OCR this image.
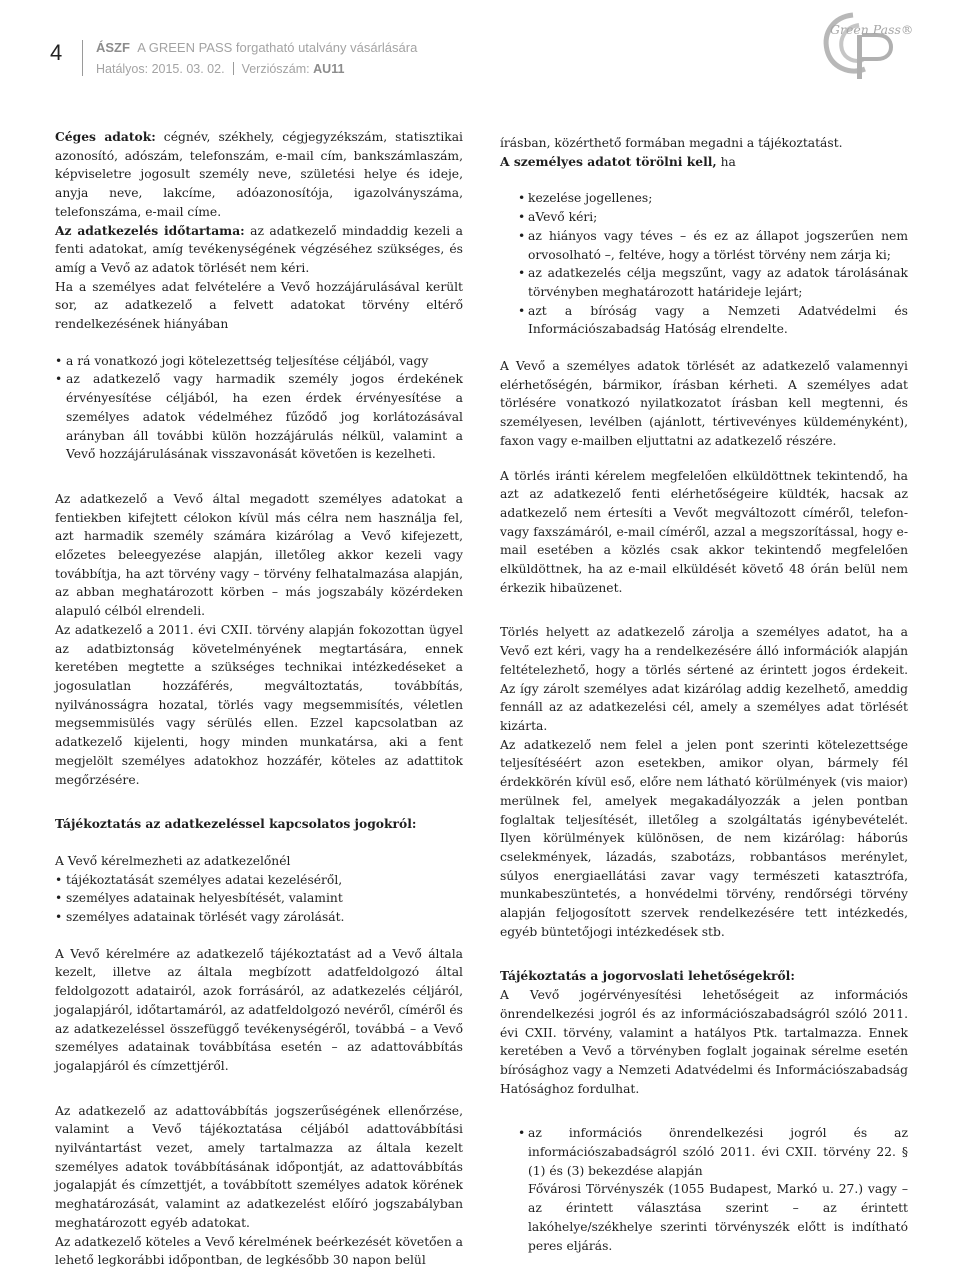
4	ÁSZF A GREEN PASS forgatható utalvány vásárlására
Hatályos: 2015. 03. 02. Verziószám: AU11
Green Pass®

Céges adatok: cégnév, székhely, cégjegyzékszám, statisztikai azonosító, adószám, telefonszám, e-mail cím, bankszámlaszám, képviseletre jogosult személy neve, születési helye és ideje, anyja neve, lakcíme, adóazonosítója, igazolványszáma, telefonszáma, e-mail címe.

Az adatkezelés időtartama: az adatkezelő mindaddig kezeli a fenti adatokat, amíg tevékenységének végzéséhez szükséges, és amíg a Vevő az adatok törlését nem kéri.

Ha a személyes adat felvételére a Vevő hozzájárulásával került sor, az adatkezelő a felvett adatokat törvény eltérő rendelkezésének hiányában

• a rá vonatkozó jogi kötelezettség teljesítése céljából, vagy
• az adatkezelő vagy harmadik személy jogos érdekének érvényesítése céljából, ha ezen érdek érvényesítése a személyes adatok védelméhez fűződő jog korlátozásával arányban áll további külön hozzájárulás nélkül, valamint a Vevő hozzájárulásának visszavonását követően is kezelheti.

Az adatkezelő a Vevő által megadott személyes adatokat a fentiekben kifejtett célokon kívül más célra nem használja fel, azt harmadik személy számára kizárólag a Vevő kifejezett, előzetes beleegyezése alapján, illetőleg akkor kezeli vagy továbbítja, ha azt törvény vagy – törvény felhatalmazása alapján, az abban meghatározott körben – más jogszabály közérdeken alapuló célból elrendeli.

Az adatkezelő a 2011. évi CXII. törvény alapján fokozottan ügyel az adatbiztonság követelményének megtartására, ennek keretében megtette a szükséges technikai intézkedéseket a jogosulatlan hozzáférés, megváltoztatás, továbbítás, nyilvánosságra hozatal, törlés vagy megsemmisítés, véletlen megsemmisülés vagy sérülés ellen. Ezzel kapcsolatban az adatkezelő kijelenti, hogy minden munkatársa, aki a fent megjelölt személyes adatokhoz hozzáfér, köteles az adattitok megőrzésére.

Tájékoztatás az adatkezeléssel kapcsolatos jogokról:

A Vevő kérelmezheti az adatkezelőnél

• tájékoztatását személyes adatai kezeléséről,
• személyes adatainak helyesbítését, valamint
• személyes adatainak törlését vagy zárolását.

A Vevő kérelmére az adatkezelő tájékoztatást ad a Vevő általa kezelt, illetve az általa megbízott adatfeldolgozó által feldolgozott adatairól, azok forrásáról, az adatkezelés céljáról, jogalapjáról, időtartamáról, az adatfeldolgozó nevéről, címéről és az adatkezeléssel összefüggő tevékenységéről, továbbá – a Vevő személyes adatainak továbbítása esetén – az adattovábbítás jogalapjáról és címzettjéről.

Az adatkezelő az adattovábbítás jogszerűségének ellenőrzése, valamint a Vevő tájékoztatása céljából adattovábbítási nyilvántartást vezet, amely tartalmazza az általa kezelt személyes adatok továbbításának időpontját, az adattovábbítás jogalapját és címzettjét, a továbbított személyes adatok körének meghatározását, valamint az adatkezelést előíró jogszabályban meghatározott egyéb adatokat.

Az adatkezelő köteles a Vevő kérelmének beérkezését követően a lehető legkorábbi időpontban, de legkésőbb 30 napon belül

írásban, közérthető formában megadni a tájékoztatást.

A személyes adatot törölni kell, ha

• kezelése jogellenes;
• aVevő kéri;
• az hiányos vagy téves – és ez az állapot jogszerűen nem orvosolható –, feltéve, hogy a törlést törvény nem zárja ki;
• az adatkezelés célja megszűnt, vagy az adatok tárolásának törvényben meghatározott határideje lejárt;
• azt a bíróság vagy a Nemzeti Adatvédelmi és Információszabadság Hatóság elrendelte.

A Vevő a személyes adatok törlését az adatkezelő valamennyi elérhetőségén, bármikor, írásban kérheti. A személyes adat törlésére vonatkozó nyilatkozatot írásban kell megtenni, és személyesen, levélben (ajánlott, tértivevényes küldeményként), faxon vagy e-mailben eljuttatni az adatkezelő részére.

A törlés iránti kérelem megfelelően elküldöttnek tekintendő, ha azt az adatkezelő fenti elérhetőségeire küldték, hacsak az adatkezelő nem értesíti a Vevőt megváltozott címéről, telefon- vagy faxszámáról, e-mail címéről, azzal a megszorítással, hogy e-mail esetében a közlés csak akkor tekintendő megfelelően elküldöttnek, ha az e-mail elküldését követő 48 órán belül nem érkezik hibaüzenet.

Törlés helyett az adatkezelő zárolja a személyes adatot, ha a Vevő ezt kéri, vagy ha a rendelkezésére álló információk alapján feltételezhető, hogy a törlés sértené az érintett jogos érdekeit. Az így zárolt személyes adat kizárólag addig kezelhető, ameddig fennáll az az adatkezelési cél, amely a személyes adat törlését kizárta.

Az adatkezelő nem felel a jelen pont szerinti kötelezettsége teljesítéséért azon esetekben, amikor olyan, bármely fél érdekkörén kívül eső, előre nem látható körülmények (vis maior) merülnek fel, amelyek megakadályozzák a jelen pontban foglaltak teljesítését, illetőleg a szolgáltatás igénybevételét. Ilyen körülmények különösen, de nem kizárólag: háborús cselekmények, lázadás, szabotázs, robbantásos merénylet, súlyos energiaellátási zavar vagy természeti katasztrófa, munkabeszüntetés, a honvédelmi törvény, rendőrségi törvény alapján feljogosított szervek rendelkezésére tett intézkedés, egyéb büntetőjogi intézkedések stb.

Tájékoztatás a jogorvoslati lehetőségekről:

A Vevő jogérvényesítési lehetőségeit az információs önrendelkezési jogról és az információszabadságról szóló 2011. évi CXII. törvény, valamint a hatályos Ptk. tartalmazza. Ennek keretében a Vevő a törvényben foglalt jogainak sérelme esetén bírósághoz vagy a Nemzeti Adatvédelmi és Információszabadság Hatósághoz fordulhat.

• az információs önrendelkezési jogról és az információszabadságról szóló 2011. évi CXII. törvény 22. § (1) és (3) bekezdése alapján

Fővárosi Törvényszék (1055 Budapest, Markó u. 27.) vagy – az érintett választása szerint – az érintett lakóhelye/székhelye szerinti törvényszék előtt is indítható peres eljárás.
